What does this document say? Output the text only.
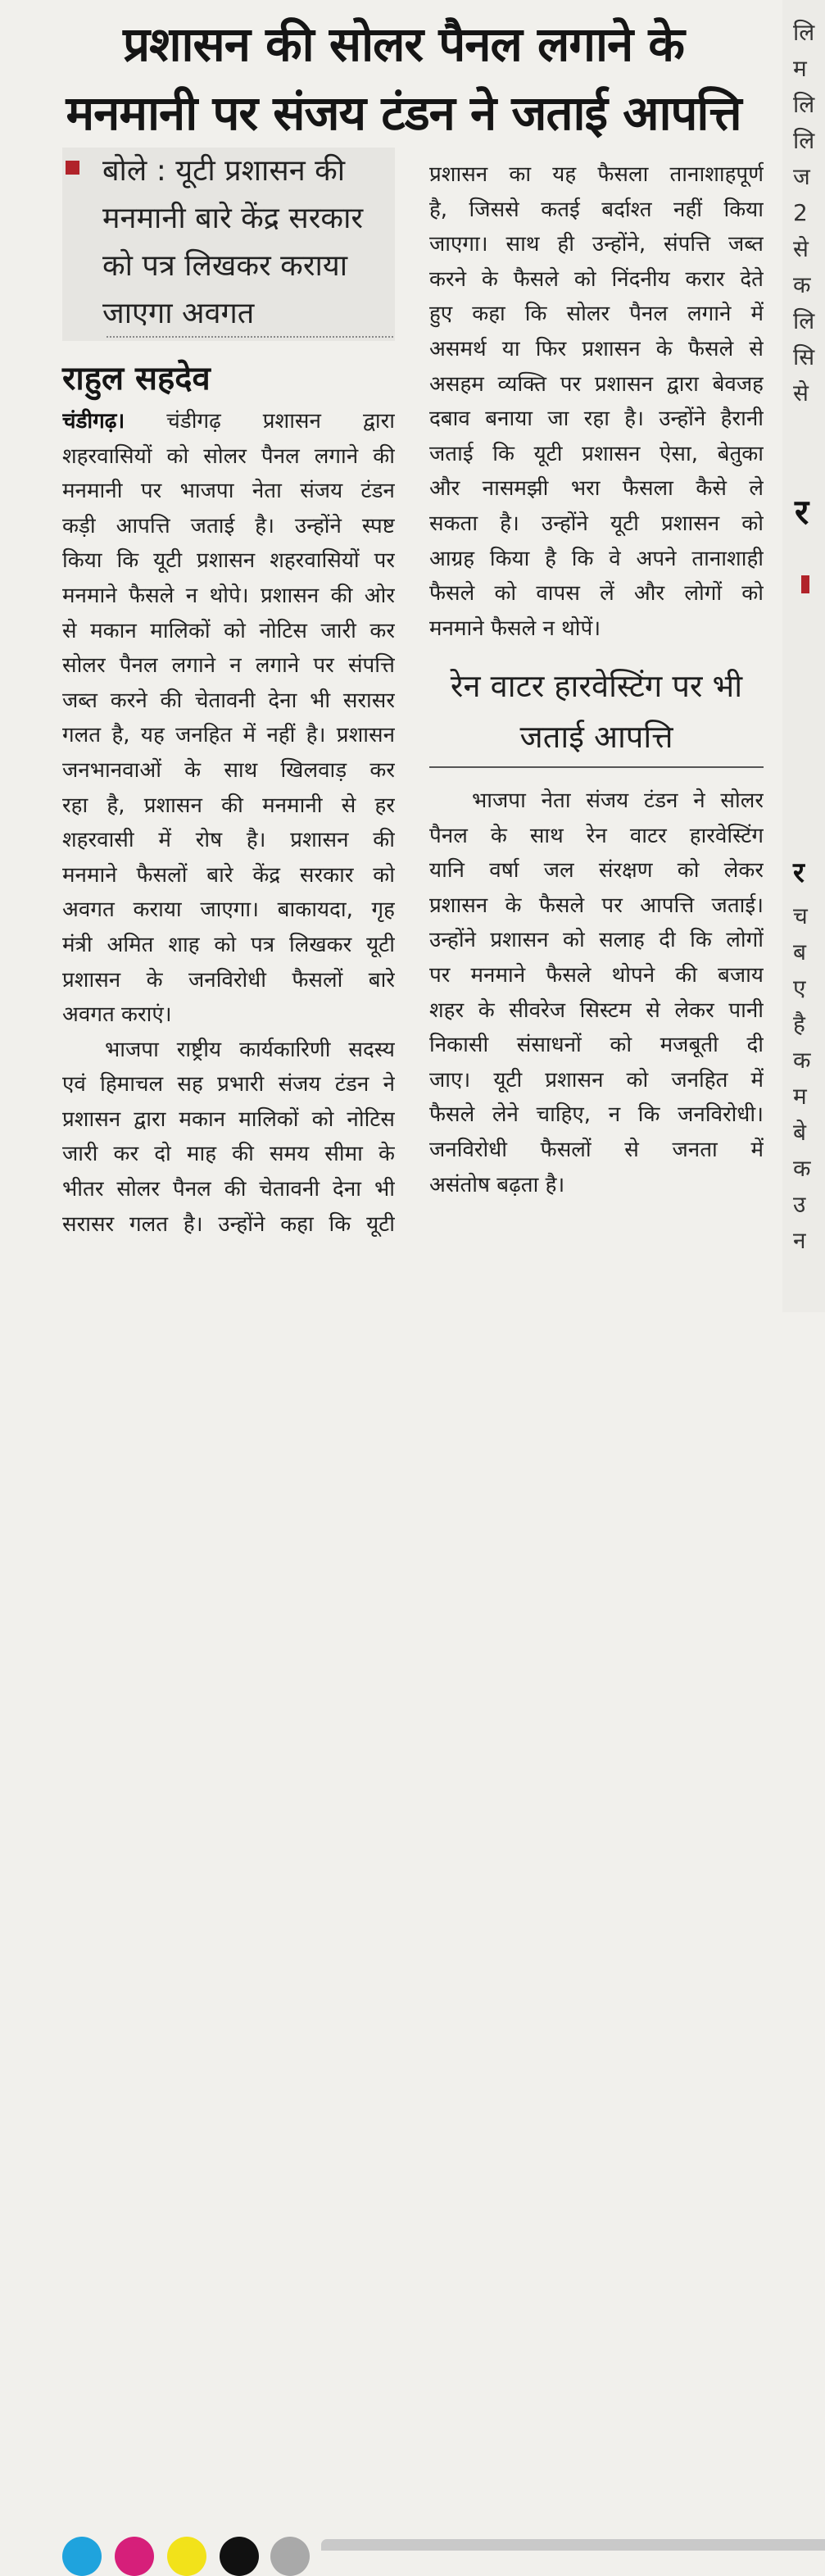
प्रशासन की सोलर पैनल लगाने के
मनमानी पर संजय टंडन ने जताई आपत्ति
बोले : यूटी प्रशासन की
मनमानी बारे केंद्र सरकार
को पत्र लिखकर कराया
जाएगा अवगत
राहुल सहदेव
चंडीगढ़। चंडीगढ़ प्रशासन द्वारा
शहरवासियों को सोलर पैनल लगाने की
मनमानी पर भाजपा नेता संजय टंडन
कड़ी आपत्ति जताई है। उन्होंने स्पष्ट
किया कि यूटी प्रशासन शहरवासियों पर
मनमाने फैसले न थोपे। प्रशासन की ओर
से मकान मालिकों को नोटिस जारी कर
सोलर पैनल लगाने न लगाने पर संपत्ति
जब्त करने की चेतावनी देना भी सरासर
गलत है, यह जनहित में नहीं है। प्रशासन
जनभानवाओं के साथ खिलवाड़ कर
रहा है, प्रशासन की मनमानी से हर
शहरवासी में रोष है। प्रशासन की
मनमाने फैसलों बारे केंद्र सरकार को
अवगत कराया जाएगा। बाकायदा, गृह
मंत्री अमित शाह को पत्र लिखकर यूटी
प्रशासन के जनविरोधी फैसलों बारे
अवगत कराएं।
भाजपा राष्ट्रीय कार्यकारिणी सदस्य
एवं हिमाचल सह प्रभारी संजय टंडन ने
प्रशासन द्वारा मकान मालिकों को नोटिस
जारी कर दो माह की समय सीमा के
भीतर सोलर पैनल की चेतावनी देना भी
सरासर गलत है। उन्होंने कहा कि यूटी
प्रशासन का यह फैसला तानाशाहपूर्ण
है, जिससे कतई बर्दाश्त नहीं किया
जाएगा। साथ ही उन्होंने, संपत्ति जब्त
करने के फैसले को निंदनीय करार देते
हुए कहा कि सोलर पैनल लगाने में
असमर्थ या फिर प्रशासन के फैसले से
असहम व्यक्ति पर प्रशासन द्वारा बेवजह
दबाव बनाया जा रहा है। उन्होंने हैरानी
जताई कि यूटी प्रशासन ऐसा, बेतुका
और नासमझी भरा फैसला कैसे ले
सकता है। उन्होंने यूटी प्रशासन को
आग्रह किया है कि वे अपने तानाशाही
फैसले को वापस लें और लोगों को
मनमाने फैसले न थोपें।
रेन वाटर हारवेस्टिंग पर भी
जताई आपत्ति
भाजपा नेता संजय टंडन ने सोलर
पैनल के साथ रेन वाटर हारवेस्टिंग
यानि वर्षा जल संरक्षण को लेकर
प्रशासन के फैसले पर आपत्ति जताई।
उन्होंने प्रशासन को सलाह दी कि लोगों
पर मनमाने फैसले थोपने की बजाय
शहर के सीवरेज सिस्टम से लेकर पानी
निकासी संसाधनों को मजबूती दी
जाए। यूटी प्रशासन को जनहित में
फैसले लेने चाहिए, न कि जनविरोधी।
जनविरोधी फैसलों से जनता में
असंतोष बढ़ता है।
लि
म
लि
लि
ज
2
से
क
लि
सि
से
र
र
च
ब
ए
है
क
म
बे
क
उ
न
